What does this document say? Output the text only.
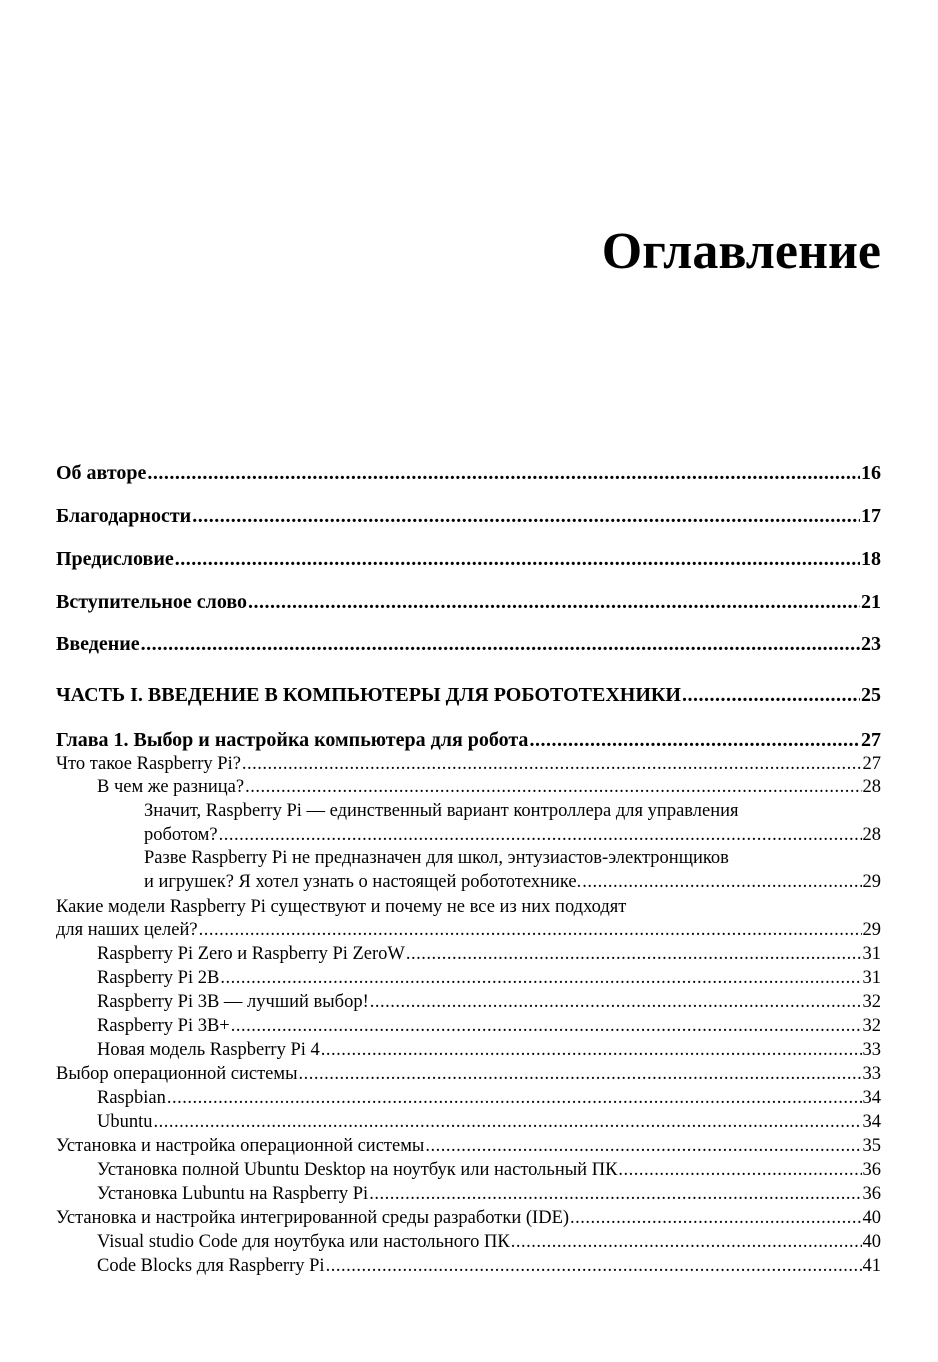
Оглавление
Об авторе .....	16
Благодарности .....	17
Предисловие .....	18
Вступительное слово .....	21
Введение .....	23
ЧАСТЬ I. ВВЕДЕНИЕ В КОМПЬЮТЕРЫ ДЛЯ РОБОТОТЕХНИКИ .....	25
Глава 1. Выбор и настройка компьютера для робота .....	27
Что такое Raspberry Pi? .....	27
В чем же разница? .....	28
Значит, Raspberry Pi — единственный вариант контроллера для управления
роботом? .....	28
Разве Raspberry Pi не предназначен для школ, энтузиастов-электронщиков
и игрушек? Я хотел узнать о настоящей робототехнике. .....	29
Какие модели Raspberry Pi существуют и почему не все из них подходят
для наших целей? .....	29
Raspberry Pi Zero и Raspberry Pi ZeroW .....	31
Raspberry Pi 2B .....	31
Raspberry Pi 3B — лучший выбор! .....	32
Raspberry Pi 3B+ .....	32
Новая модель Raspberry Pi 4 .....	33
Выбор операционной системы .....	33
Raspbian .....	34
Ubuntu .....	34
Установка и настройка операционной системы .....	35
Установка полной Ubuntu Desktop на ноутбук или настольный ПК .....	36
Установка Lubuntu на Raspberry Pi .....	36
Установка и настройка интегрированной среды разработки (IDE) .....	40
Visual studio Code для ноутбука или настольного ПК .....	40
Code Blocks для Raspberry Pi .....	41
